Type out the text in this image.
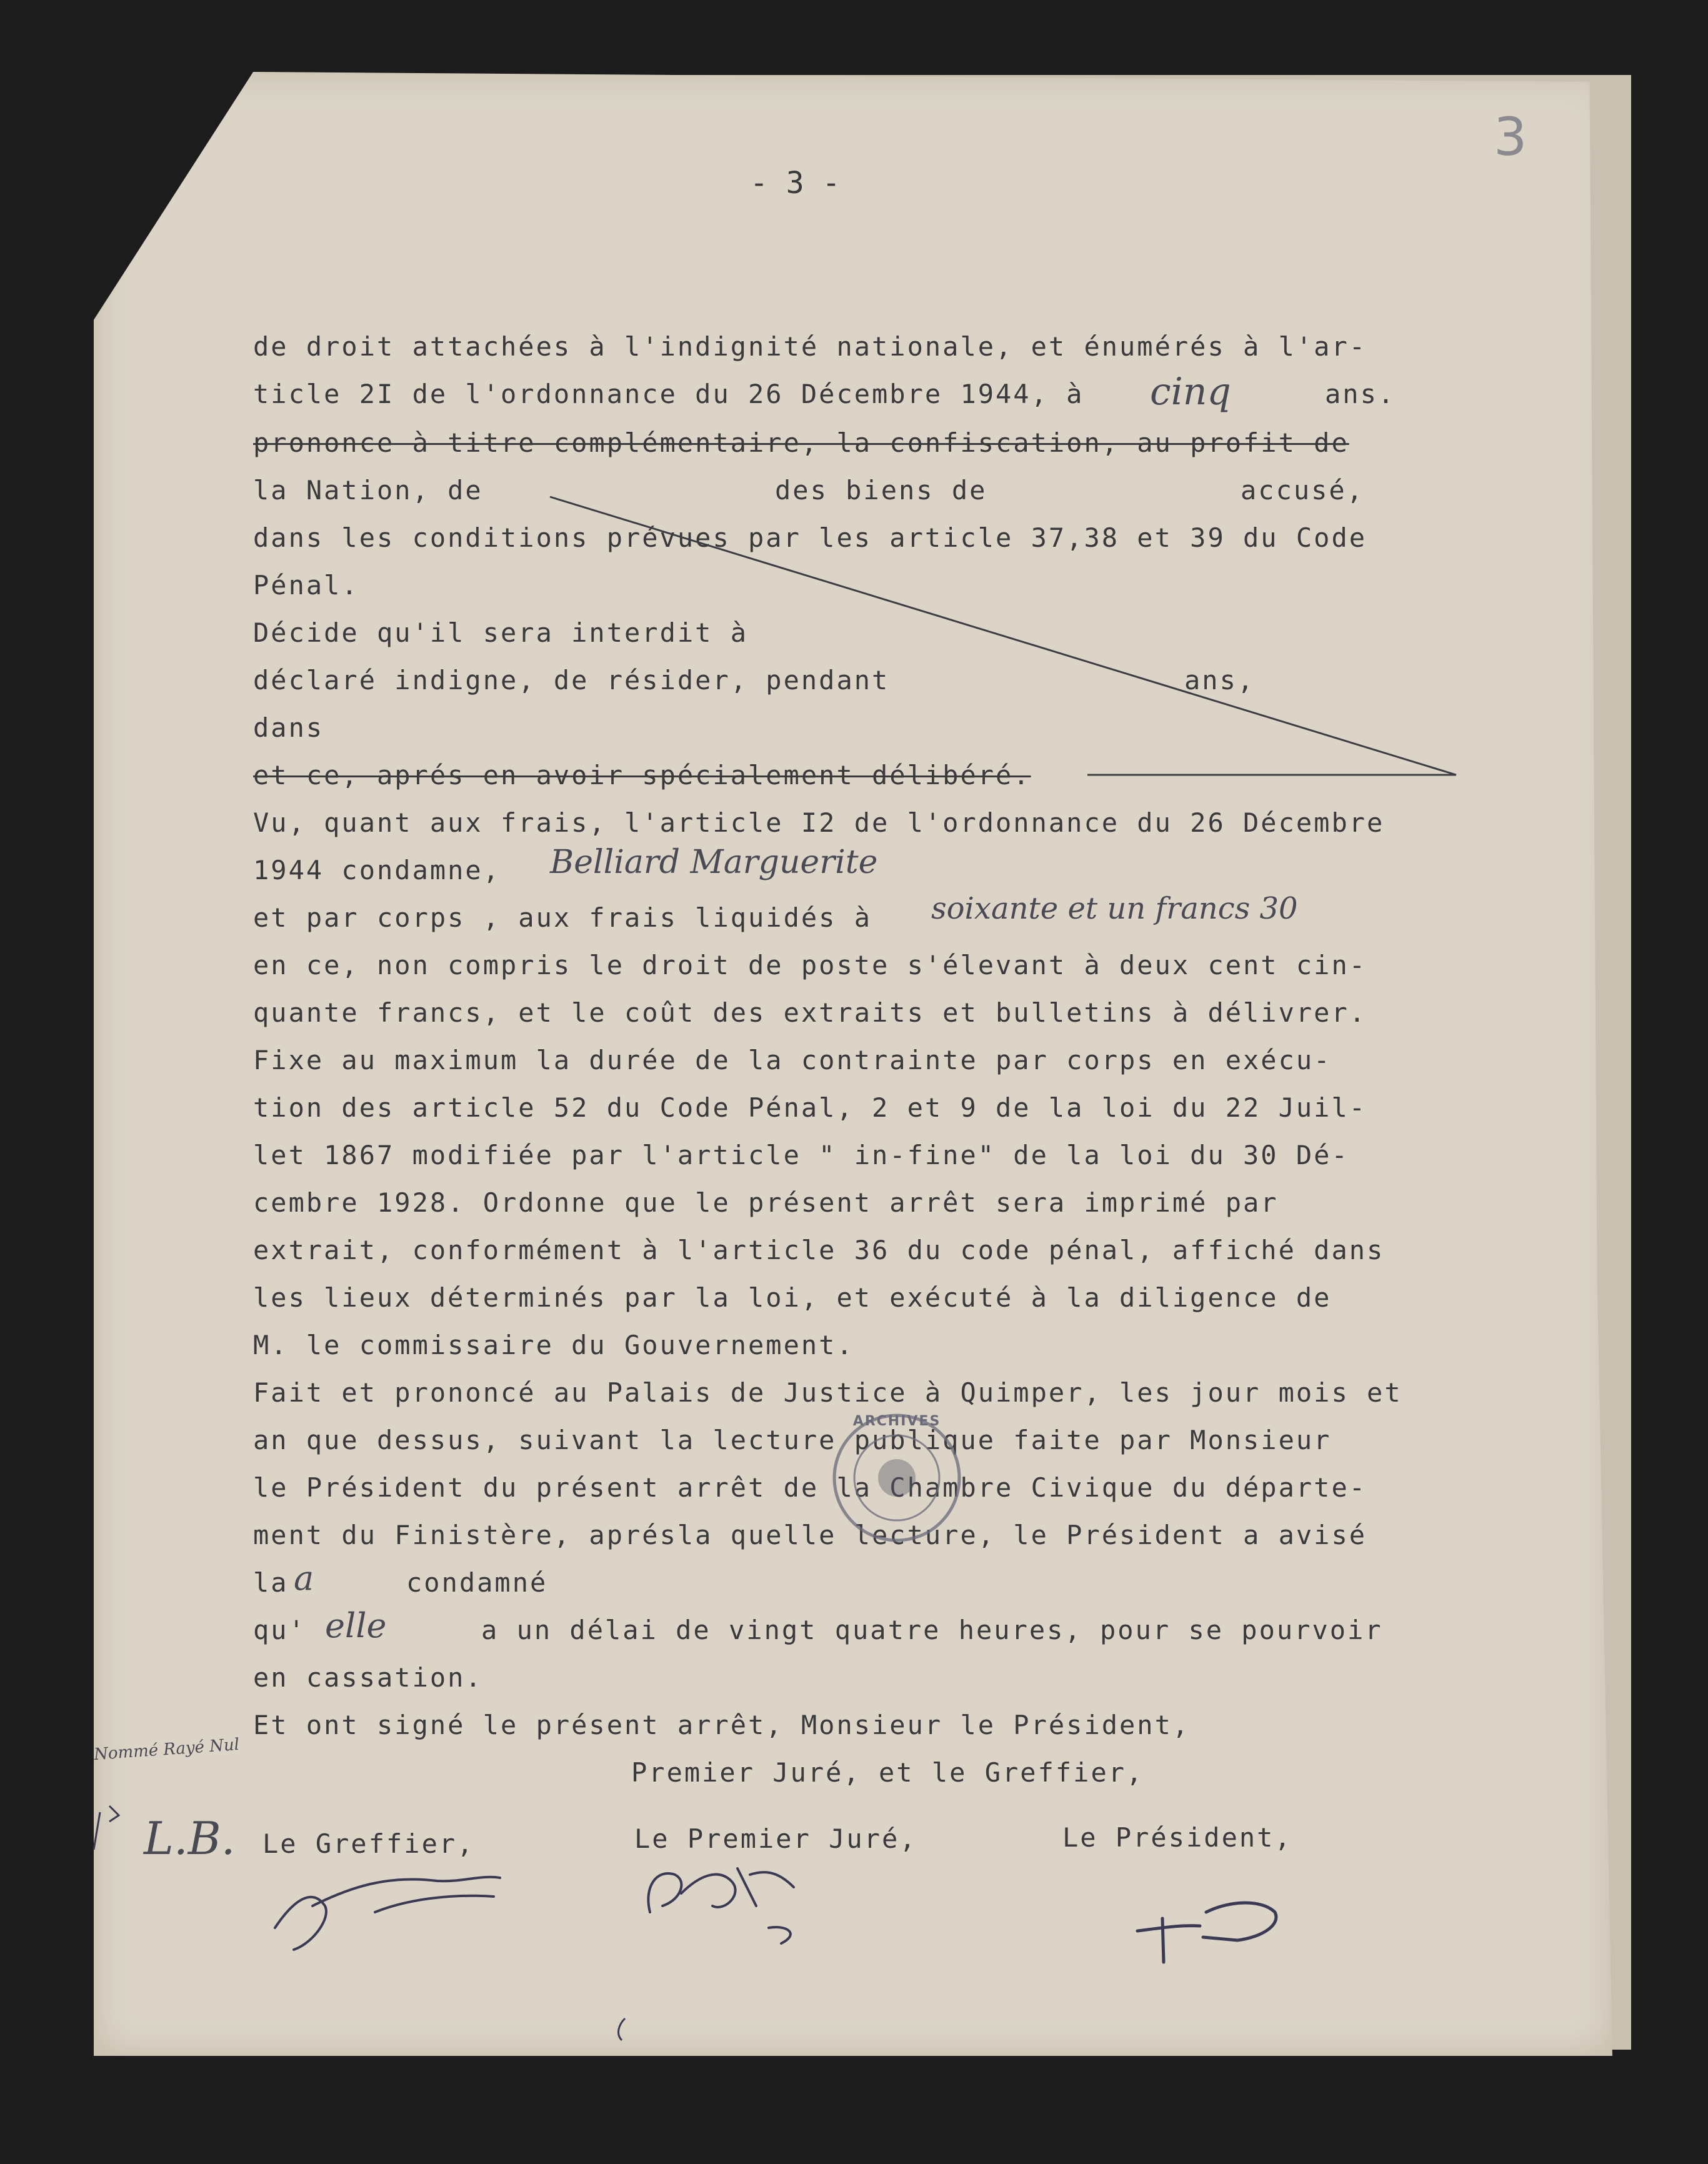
3
- 3 -
de droit attachées à l'indignité nationale, et énumérés à l'ar-
ticle 2I de l'ordonnance du 26 Décembre 1944, à cinq	ans.
prononce à titre complémentaire, la confiscation, au profit de
la Nation, de	des biens de	accusé,
dans les conditions prévues par les article 37,38 et 39 du Code
Pénal.
Décide qu'il sera interdit à
déclaré indigne, de résider, pendant	ans,
dans
et ce, aprés en avoir spécialement délibéré.
Vu, quant aux frais, l'article I2 de l'ordonnance du 26 Décembre
1944 condamne, Belliard Marguerite
et par corps , aux frais liquidés à soixante et un francs 30
en ce, non compris le droit de poste s'élevant à deux cent cin-
quante francs, et le coût des extraits et bulletins à délivrer.
Fixe au maximum la durée de la contrainte par corps en exécu-
tion des article 52 du Code Pénal, 2 et 9 de la loi du 22 Juil-
let 1867 modifiée par l'article " in-fine" de la loi du 30 Dé-
cembre 1928. Ordonne que le présent arrêt sera imprimé par
extrait, conformément à l'article 36 du code pénal, affiché dans
les lieux déterminés par la loi, et exécuté à la diligence de
M. le commissaire du Gouvernement.
Fait et prononcé au Palais de Justice à Quimper, les jour mois et
an que dessus, suivant la lecture publique faite par Monsieur
le Président du présent arrêt de la Chambre Civique du départe-
ment du Finistère, aprésla quelle lecture, le Président a avisé
la a	condamné
qu' elle	a un délai de vingt quatre heures, pour se pourvoir
en cassation.
Et ont signé le présent arrêt, Monsieur le Président,
Premier Juré, et le Greffier,
Le Greffier,	Le Premier Juré,	Le Président,
Nommé Rayé Nul
L.B.
ARCHIVES
